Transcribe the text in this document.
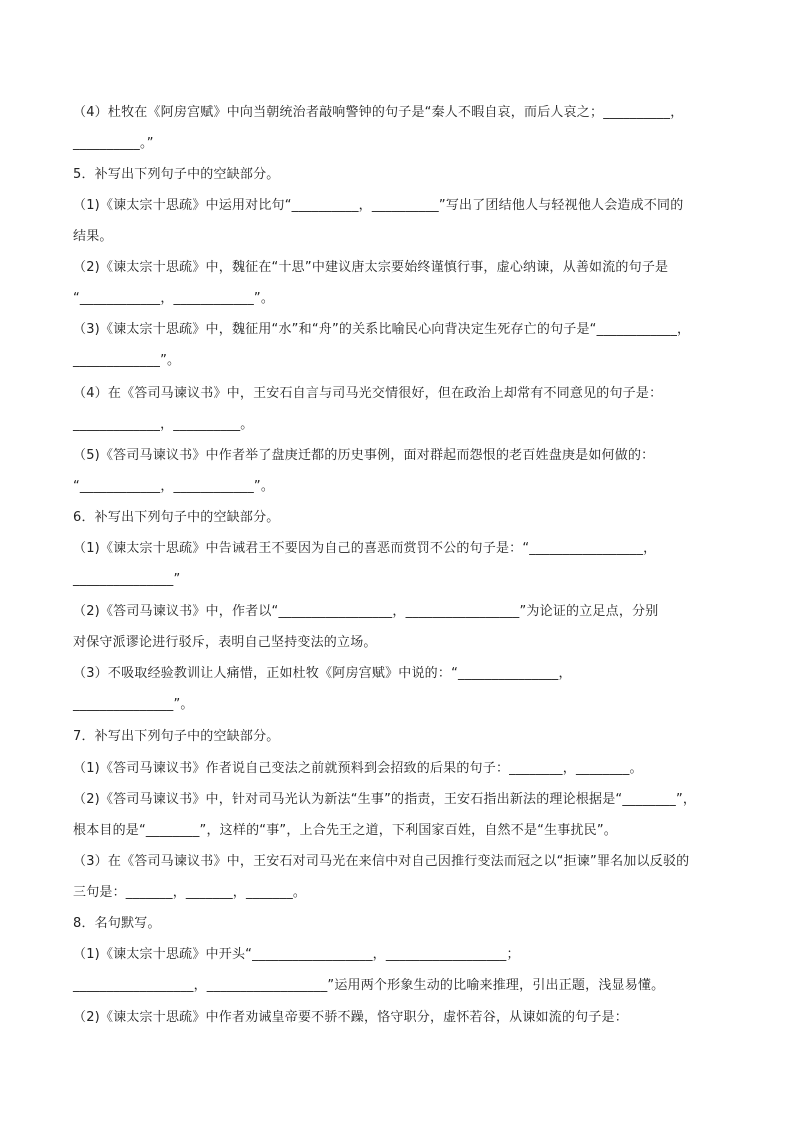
（4）杜牧在《阿房宫赋》中向当朝统治者敲响警钟的句子是“秦人不暇自哀，而后人哀之；__________，
__________。”
5．补写出下列句子中的空缺部分。
（1)《谏太宗十思疏》中运用对比句“__________，__________”写出了团结他人与轻视他人会造成不同的
结果。
（2)《谏太宗十思疏》中，魏征在“十思”中建议唐太宗要始终谨慎行事，虚心纳谏，从善如流的句子是
“____________，____________”。
（3)《谏太宗十思疏》中，魏征用“水”和“舟”的关系比喻民心向背决定生死存亡的句子是“____________，
_____________”。
（4）在《答司马谏议书》中，王安石自言与司马光交情很好，但在政治上却常有不同意见的句子是：
_____________，__________。
（5)《答司马谏议书》中作者举了盘庚迁都的历史事例，面对群起而怨恨的老百姓盘庚是如何做的：
“____________，____________”。
6．补写出下列句子中的空缺部分。
（1)《谏太宗十思疏》中告诫君王不要因为自己的喜恶而赏罚不公的句子是：“_________________，
_______________”
（2)《答司马谏议书》中，作者以“_________________，_________________”为论证的立足点，分别
对保守派谬论进行驳斥，表明自己坚持变法的立场。
（3）不吸取经验教训让人痛惜，正如杜牧《阿房宫赋》中说的：“_______________，
_______________”。
7．补写出下列句子中的空缺部分。
（1)《答司马谏议书》作者说自己变法之前就预料到会招致的后果的句子：________，________。
（2)《答司马谏议书》中，针对司马光认为新法“生事”的指责，王安石指出新法的理论根据是“________”，
根本目的是“________”，这样的“事”，上合先王之道，下利国家百姓，自然不是“生事扰民”。
（3）在《答司马谏议书》中，王安石对司马光在来信中对自己因推行变法而冠之以“拒谏”罪名加以反驳的
三句是：_______，_______，_______。
8．名句默写。
（1)《谏太宗十思疏》中开头“__________________，__________________；
__________________，__________________”运用两个形象生动的比喻来推理，引出正题，浅显易懂。
（2)《谏太宗十思疏》中作者劝诫皇帝要不骄不躁，恪守职分，虚怀若谷，从谏如流的句子是：
